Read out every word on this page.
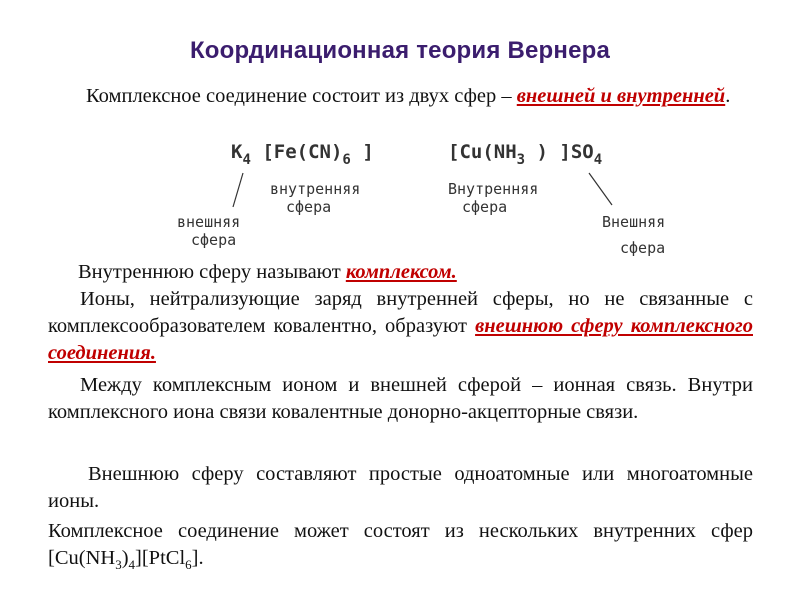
Координационная теория Вернера
Комплексное соединение состоит из двух сфер – внешней и внутренней.
$К_4$ [$Fe(CN)_6$ ]	[$Cu(NH_3$ ) ]$SO_4$
внутренняя
сфера
внешняя
сфера
Внутренняя
сфера
Внешняя
сфера
Внутреннюю сферу называют комплексом.
Ионы, нейтрализующие заряд внутренней сферы, но не связанные с комплексообразователем ковалентно, образуют внешнюю сферу комплексного соединения.
Между комплексным ионом и внешней сферой – ионная связь. Внутри комплексного иона связи ковалентные донорно-акцепторные связи.
Внешнюю сферу составляют простые одноатомные или многоатомные ионы.
Комплексное соединение может состоят из нескольких внутренних сфер $[Cu(NH_3)_4][PtCl_6]$.
